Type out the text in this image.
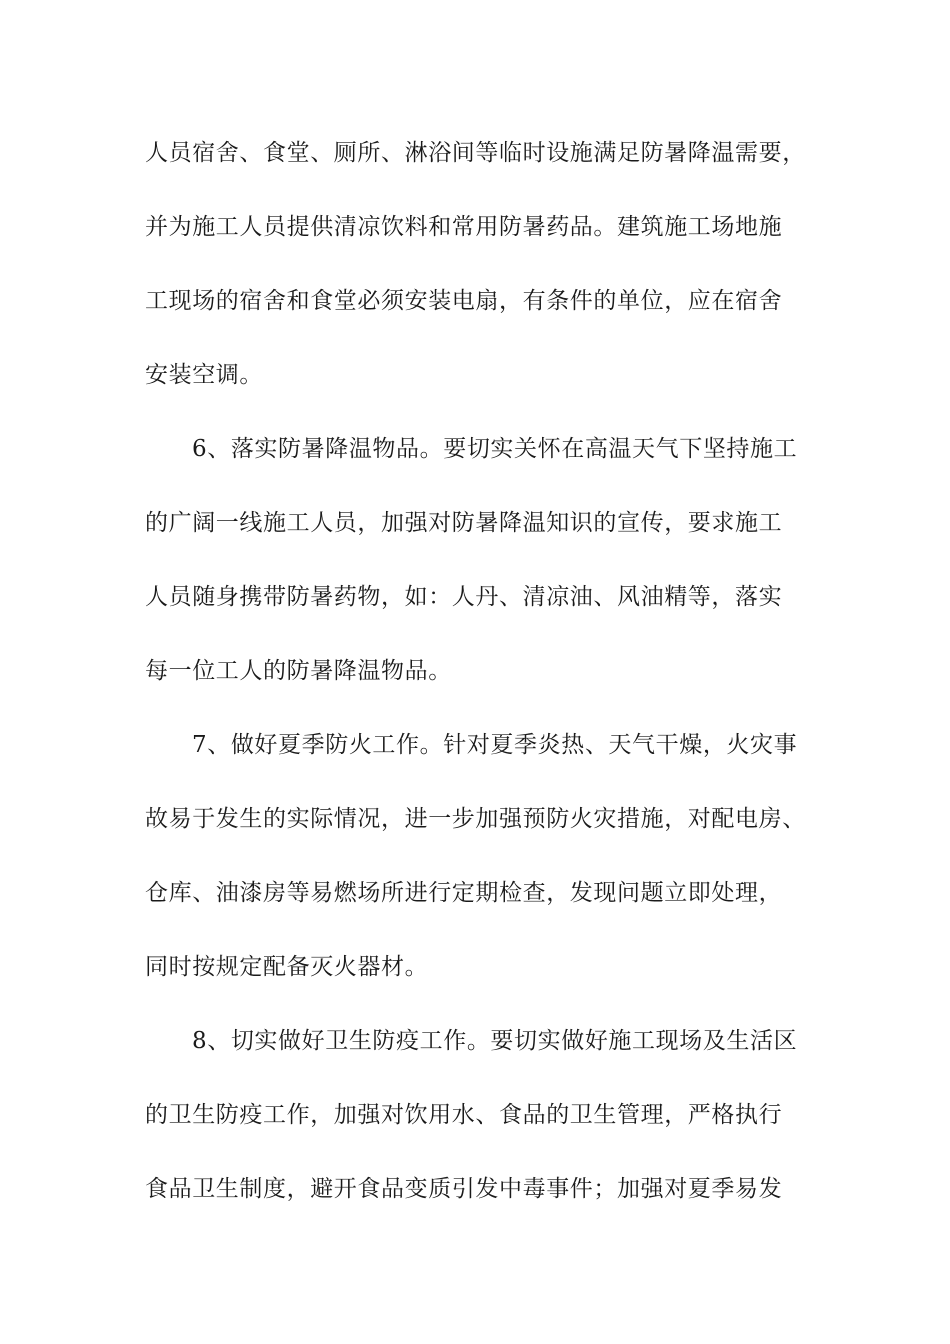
人员宿舍、食堂、厕所、淋浴间等临时设施满足防暑降温需要，
并为施工人员提供清凉饮料和常用防暑药品。建筑施工场地施
工现场的宿舍和食堂必须安装电扇，有条件的单位，应在宿舍
安装空调。
6、落实防暑降温物品。要切实关怀在高温天气下坚持施工
的广阔一线施工人员，加强对防暑降温知识的宣传，要求施工
人员随身携带防暑药物，如：人丹、清凉油、风油精等，落实
每一位工人的防暑降温物品。
7、做好夏季防火工作。针对夏季炎热、天气干燥，火灾事
故易于发生的实际情况，进一步加强预防火灾措施，对配电房、
仓库、油漆房等易燃场所进行定期检查，发现问题立即处理，
同时按规定配备灭火器材。
8、切实做好卫生防疫工作。要切实做好施工现场及生活区
的卫生防疫工作，加强对饮用水、食品的卫生管理，严格执行
食品卫生制度，避开食品变质引发中毒事件；加强对夏季易发
